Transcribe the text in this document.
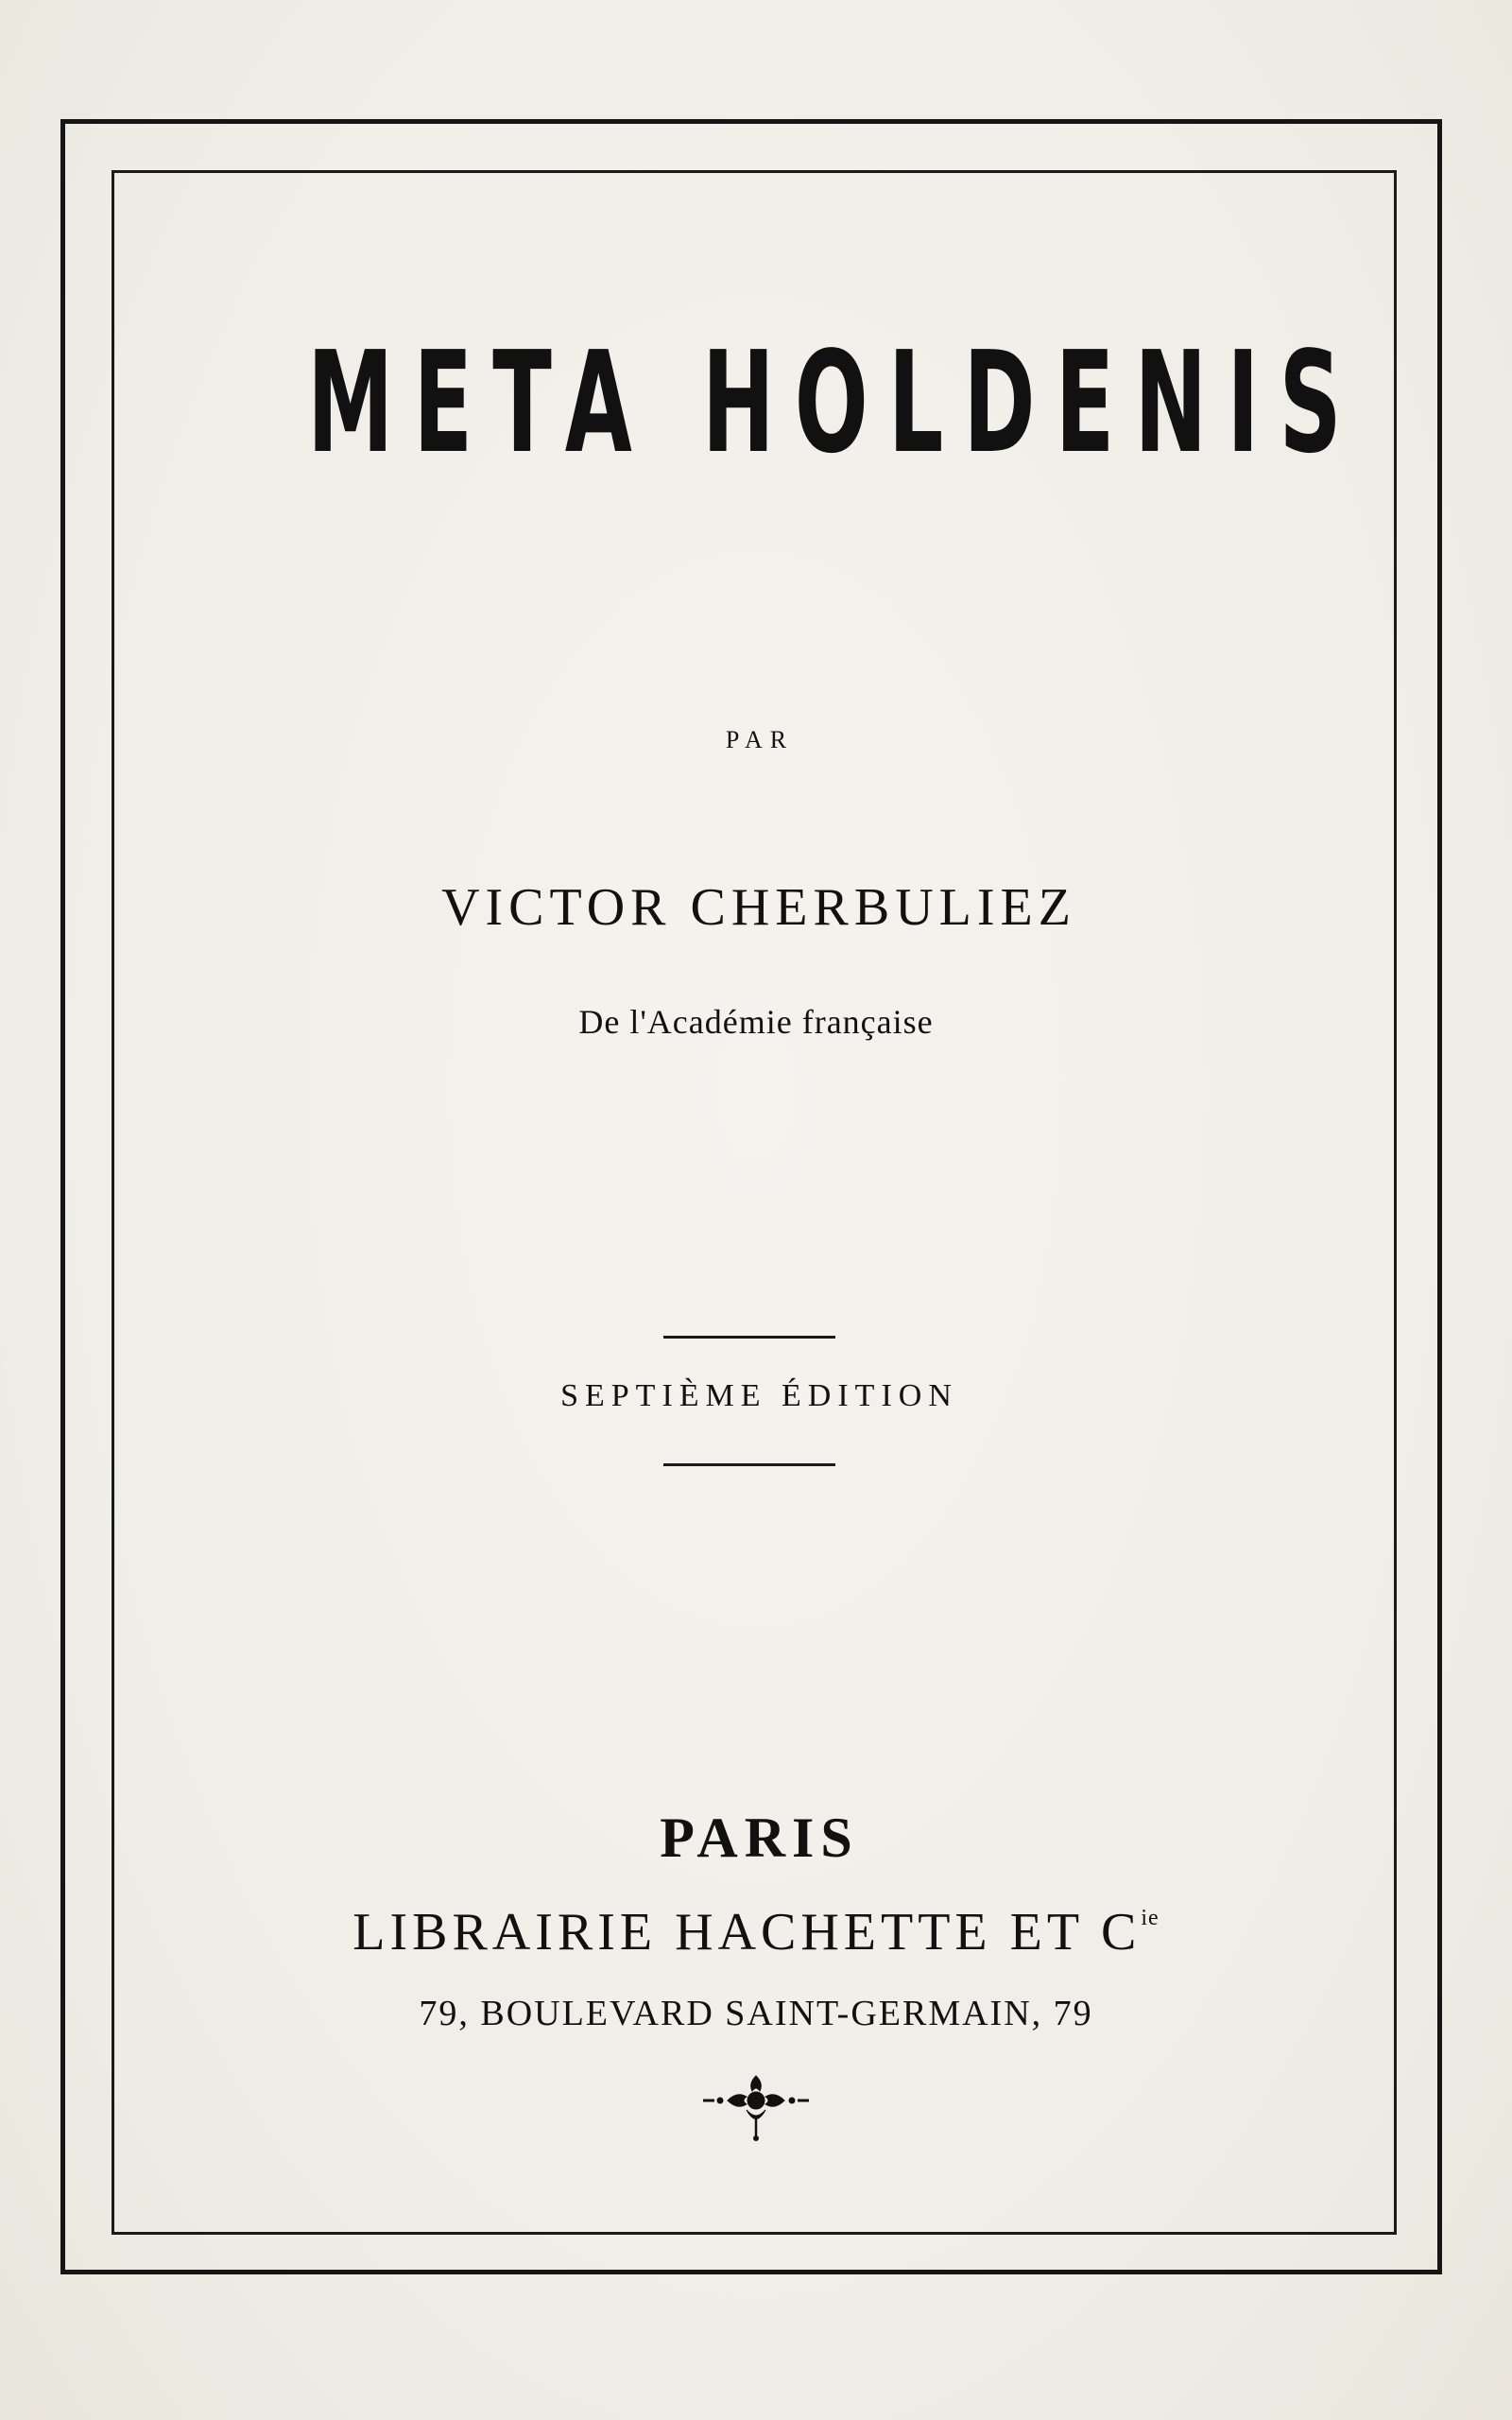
META HOLDENIS
PAR
VICTOR CHERBULIEZ
De l'Académie française
SEPTIÈME ÉDITION
PARIS
LIBRAIRIE HACHETTE ET $C^{ie}$
79, BOULEVARD SAINT-GERMAIN, 79
